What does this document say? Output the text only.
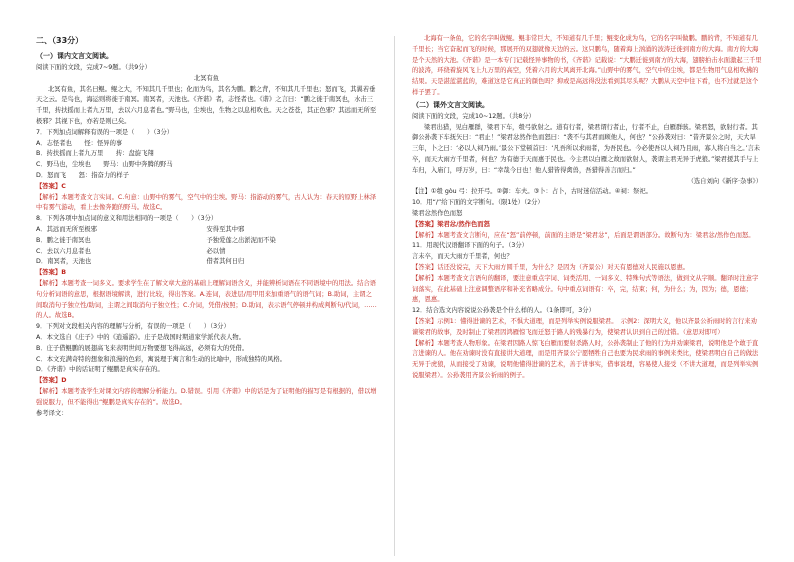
二、（33分）

（一）课内文言文阅读。

阅读下面的文段，完成7~9题。（共9分）

北冥有鱼

北冥有鱼，其名曰鲲。鲲之大，不知其几千里也；化而为鸟，其名为鹏。鹏之背，不知其几千里也；怒而飞，其翼若垂天之云。是鸟也，海运则将徙于南冥。南冥者，天池也。《齐谐》者，志怪者也。《谐》之言曰：“鹏之徙于南冥也，水击三千里，抟扶摇而上者九万里，去以六月息者也。”野马也，尘埃也，生物之以息相吹也。天之苍苍，其正色邪？其远而无所至极邪？其视下也，亦若是则已矣。

7．下列加点词解释有误的一项是（　　）（3分）

A．志怪者也　　怪：怪异的事

B．抟扶摇而上者九万里　　抟：盘旋飞翔

C．野马也，尘埃也　　野马：山野中奔腾的野马

D．怒而飞　　怒：指奋力的样子

【答案】C

【解析】本题考查文言实词。C.句意：山野中的雾气，空气中的尘埃。野马：指游动的雾气，古人认为：春天的原野上林泽中有雾气游动，看上去像奔跑的野马。故选C。

8．下列各项中加点词的意义和用法相同的一项是（　　）（3分）

A．其远而无所至极邪	安得至其中邪
B．鹏之徙于南冥也	予独爱莲之出淤泥而不染
C．去以六月息者也	必以情
D．南冥者，天池也	借者其何日归

【答案】B

【解析】本题考查一词多义。要求学生在了解文章大意的基础上理解词语含义，并能辨析词语在不同语境中的用法。结合语句分析词语的意思，根据语境解读，进行比较，得出答案。A.连词，表进层/用甲用来加重语气的语气词；B.助词，主谓之间取消句子独立性/助词，主谓之间取消句子独立性；C.介词，凭借/按照；D.助词，表示语气停顿并构成判断句/代词，……的人。故选B。

9．下列对文段相关内容的理解与分析，有误的一项是（　　）（3分）

A．本文选自《庄子》中的《逍遥游》。庄子是战国时期道家学派代表人物。

B．庄子借鲲鹏的展翅高飞来表明世间万物要想飞得高远，必须有大的凭借。

C．本文充满奇特的想象和浪漫的色彩，寓说理于寓言和生动的比喻中，形成独特的风格。

D．《齐谐》中的话证明了鲲鹏是真实存在的。

【答案】D

【解析】本题考查学生对课文内容的理解分析能力。D.错误。引用《齐谐》中的话是为了证明他的描写是有根据的，借以增强说服力，但不能得出“鲲鹏是真实存在的”。故选D。

参考译文：

北海有一条鱼，它的名字叫做鲲。鲲非常巨大，不知道有几千里；鲲变化成为鸟，它的名字叫做鹏。鹏的背，不知道有几千里长；当它奋起而飞的时候，那展开的双翅就像天边的云。这只鹏鸟，随着海上汹涌的波涛迁徙到南方的大海。南方的大海是个天然的大池。《齐谐》是一本专门记载怪异事物的书，《齐谐》记载说：“大鹏迁徙到南方的大海，翅膀拍击水面激起三千里的波涛，环绕着旋风飞上九万里的高空，凭着六月的大风离开北海。”山野中的雾气，空气中的尘埃，都是生物用气息相吹拂的结果。天是湛蓝湛蓝的，难道这是它真正的颜色吗？抑或是高远得没法看到其尽头呢？大鹏从天空中往下看，也不过就是这个样子罢了。

（二）课外文言文阅读。

阅读下面的文段，完成10~12题。（共8分）

梁君出猎，见白雁群，梁君下车，彀弓欲射之。道有行者，梁君谓行者止，行者不止，白雁群骇。梁君怒，欲射行者。其御公孙袭下车抚矢曰：“君止！”梁君忿然作色而怒曰：“袭不与其君而顾他人，何也？”公孙袭对曰：“昔齐景公之时，天大旱三年，卜之曰：‘必以人祠乃雨。’景公下堂顿首曰：‘凡吾所以求雨者，为吾民也。今必使吾以人祠乃且雨，寡人将自当之。’言未卒，而天大雨方千里者，何也？为有德于天而惠于民也。今主君以白雁之故而欲射人，袭谓主君无异于虎狼。”梁君援其手与上车归，入庙门，呼万岁，曰：“幸哉今日也！他人猎皆得禽兽，吾猎得善言而归。”

（选自刘向《新序·杂事》）

【注】①彀 gòu 弓：拉开弓。②御：车夫。③卜：占卜，古时迷信活动。④祠：祭祀。

10．用“/”给下面的文字断句。（限1处）（2分）

梁君忿然作色而怒

【答案】梁君忿/然作色而怒

【解析】本题考查文言断句，应在“怒”前停顿，前面的主语是“梁君忿”，后面是谓语部分。故断句为：梁君忿/然作色而怒。

11．用现代汉语翻译下面的句子。（3分）

言未卒，而天大雨方千里者，何也？

【答案】话还没说完，天下大雨方圆千里，为什么？是因为（齐景公）对天有恩德对人民施以恩惠。

【解析】本题考查文言语句的翻译，要注意重点字词、词类活用、一词多义、特殊句式等语法，做到文从字顺。翻译时注意字词落实，在此基础上注意调整语序和补充省略成分。句中重点词语有：卒，完，结束；何，为什么；为，因为；德，恩德；惠，恩惠。

12．结合选文内容说说公孙袭是个什么样的人。（1条即可，3分）

【答案】示例1：懂得进谏的艺术，不惧大道理，而是列举实例说服梁君。　示例2：深明大义，他以齐景公祈雨时的言行来劝谏梁君的故事，及时制止了梁君因鸿雁惊飞而迁怒于路人的残暴行为，使梁君认识到自己的过错。（意思对即可）

【解析】本题考查人物形象。在梁君因路人惊飞白雁而要射杀路人时，公孙袭制止了他的行为并劝谏梁君，说明他是个敢于直言进谏的人。他在劝谏时没有直接讲大道理，而是用齐景公宁愿牺牲自己也要为民求雨的事例来类比，使梁君明白自己的做法无异于虎狼，从而接受了劝谏，说明他懂得进谏的艺术，善于讲事实，借事说理，容易使人接受（不讲大道理，而是列举实例说服梁君）。公孙袭用齐景公祈雨的例子。
